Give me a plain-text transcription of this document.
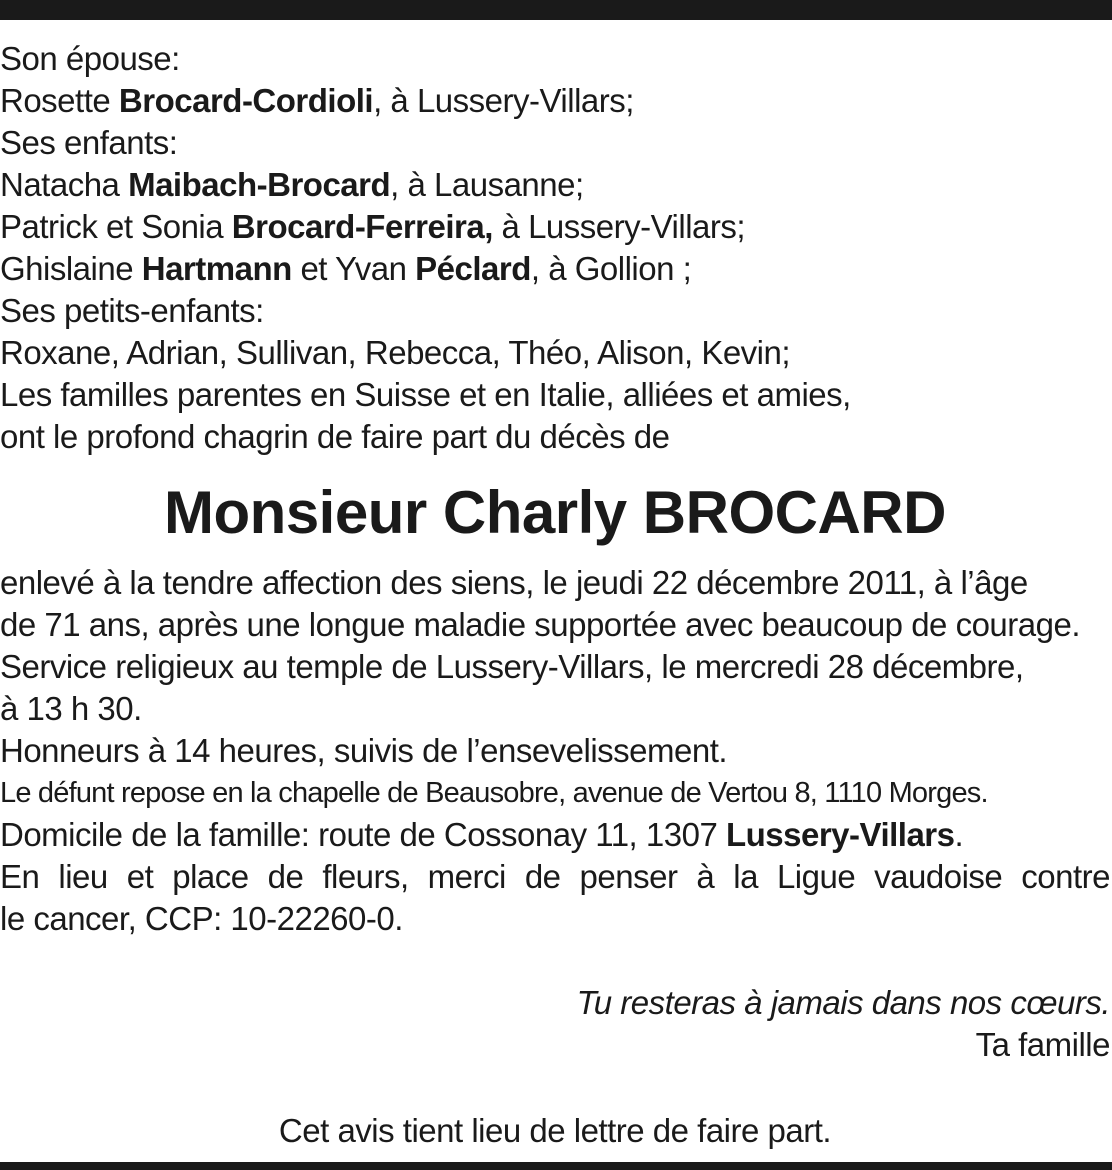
Son épouse:
Rosette Brocard-Cordioli, à Lussery-Villars;
Ses enfants:
Natacha Maibach-Brocard, à Lausanne;
Patrick et Sonia Brocard-Ferreira, à Lussery-Villars;
Ghislaine Hartmann et Yvan Péclard, à Gollion ;
Ses petits-enfants:
Roxane, Adrian, Sullivan, Rebecca, Théo, Alison, Kevin;
Les familles parentes en Suisse et en Italie, alliées et amies,
ont le profond chagrin de faire part du décès de
Monsieur Charly BROCARD
enlevé à la tendre affection des siens, le jeudi 22 décembre 2011, à l’âge
de 71 ans, après une longue maladie supportée avec beaucoup de courage.
Service religieux au temple de Lussery-Villars, le mercredi 28 décembre,
à 13 h 30.
Honneurs à 14 heures, suivis de l’ensevelissement.
Le défunt repose en la chapelle de Beausobre, avenue de Vertou 8, 1110 Morges.
Domicile de la famille: route de Cossonay 11, 1307 Lussery-Villars.
En lieu et place de fleurs, merci de penser à la Ligue vaudoise contre
le cancer, CCP: 10-22260-0.
Tu resteras à jamais dans nos cœurs.
Ta famille
Cet avis tient lieu de lettre de faire part.
